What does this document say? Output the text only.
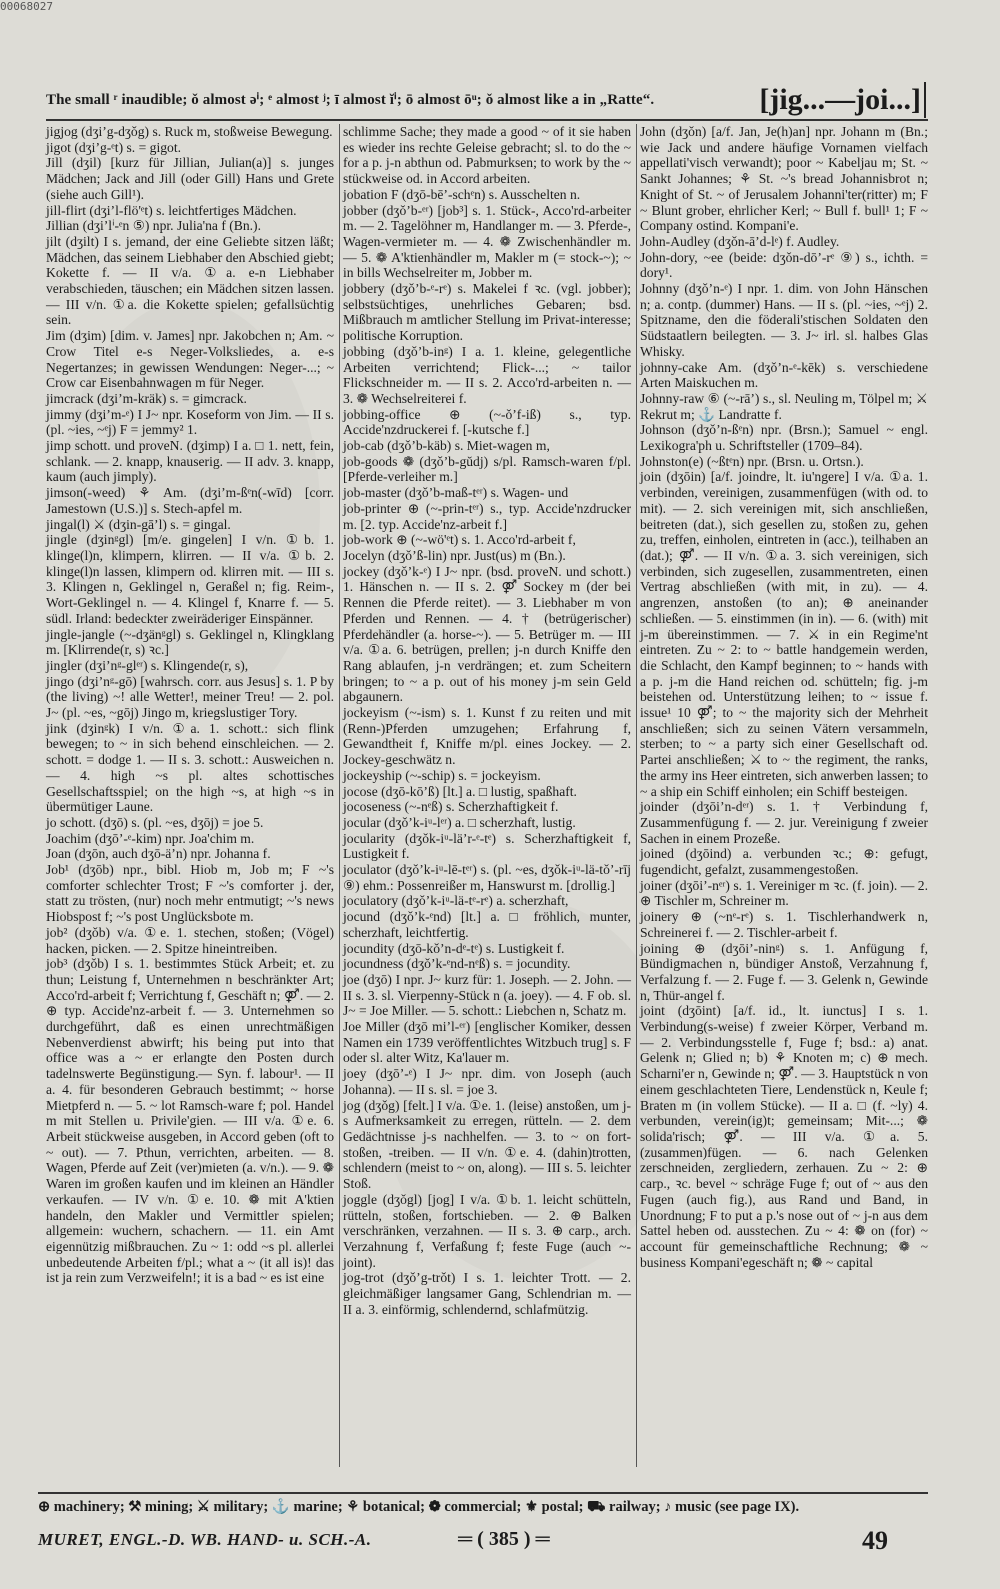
00068027
The small ʳ inaudible; ǒ almost ǝⁱ; ᵉ almost ʲ; ī almost ĭⁱ; ō almost ōᵘ; ǒ almost like a in „Ratte“.	[jig...—joi...]
jigjog (dʒiʼg-dʒǒg) s. Ruck m, stoßweise Bewegung.
jigot (dʒiʼg-ᵉt) s. = gigot.
Jill (dʒil) [kurz für Jillian, Julian(a)] s. junges Mädchen; Jack and Jill (oder Gill) Hans und Grete (siehe auch Gill¹).
jill-flirt (dʒiʼl-flö'ᵉt) s. leichtfertiges Mädchen.
Jillian (dʒiʼlⁱ-ᵉn ⑤) npr. Julia'na f (Bn.).
jilt (dʒilt) I s. jemand, der eine Geliebte sitzen läßt; Mädchen, das seinem Liebhaber den Abschied giebt; Kokette f. — II v/a. ①a. e-n Liebhaber verabschieden, täuschen; ein Mädchen sitzen lassen. — III v/n. ①a. die Kokette spielen; gefallsüchtig sein.
Jim (dʒim) [dim. v. James] npr. Jakobchen n; Am. ~ Crow Titel e-s Neger-Volksliedes, a. e-s Negertanzes; in gewissen Wendungen: Neger-...; ~ Crow car Eisenbahnwagen m für Neger.
jimcrack (dʒiʼm-kräk) s. = gimcrack.
jimmy (dʒiʼm-ᵉ) I J~ npr. Koseform von Jim. — II s. (pl. ~ies, ~ᵉj) F = jemmy² 1.
jimp schott. und proveN. (dʒimp) I a. □ 1. nett, fein, schlank. — 2. knapp, knauserig. — II adv. 3. knapp, kaum (auch jimply).
jimson(-weed) ⚘ Am. (dʒiʼm-ßᵉn(-wīd) [corr. Jamestown (U.S.)] s. Stech-apfel m.
jingal(l) ⚔ (dʒin-gāʼl) s. = gingal.
jingle (dʒinᵍgl) [m/e. gingelen] I v/n. ①b. 1. klinge(l)n, klimpern, klirren. — II v/a. ①b. 2. klinge(l)n lassen, klimpern od. klirren mit. — III s. 3. Klingen n, Geklingel n, Geraßel n; fig. Reim-, Wort-Geklingel n. — 4. Klingel f, Knarre f. — 5. südl. Irland: bedeckter zweiräderiger Einspänner.
jingle-jangle (~-dʒänᵍgl) s. Geklingel n, Klingklang m. [Klirrende(r, s) ꝛc.]
jingler (dʒiʼnᵍ-glᵉʳ) s. Klingende(r, s),
jingo (dʒiʼnᵍ-gō) [wahrsch. corr. aus Jesus] s. 1. P by (the living) ~! alle Wetter!, meiner Treu! — 2. pol. J~ (pl. ~es, ~gōj) Jingo m, kriegslustiger Tory.
jink (dʒinᵍk) I v/n. ①a. 1. schott.: sich flink bewegen; to ~ in sich behend einschleichen. — 2. schott. = dodge 1. — II s. 3. schott.: Ausweichen n. — 4. high ~s pl. altes schottisches Gesellschaftsspiel; on the high ~s, at high ~s in übermütiger Laune.
jo schott. (dʒō) s. (pl. ~es, dʒōj) = joe 5.
Joachim (dʒōʼ-ᵉ-kim) npr. Joa'chim m.
Joan (dʒōn, auch dʒō-äʼn) npr. Johanna f.
Job¹ (dʒōb) npr., bibl. Hiob m, Job m; F ~'s comforter schlechter Trost; F ~'s comforter j. der, statt zu trösten, (nur) noch mehr entmutigt; ~'s news Hiobspost f; ~'s post Unglücksbote m.
job² (dʒǒb) v/a. ①e. 1. stechen, stoßen; (Vögel) hacken, picken. — 2. Spitze hineintreiben.
job³ (dʒǒb) I s. 1. bestimmtes Stück Arbeit; et. zu thun; Leistung f, Unternehmen n beschränkter Art; Acco'rd-arbeit f; Verrichtung f, Geschäft n; ⚤. — 2. ⊕ typ. Accide'nz-arbeit f. — 3. Unternehmen so durchgeführt, daß es einen unrechtmäßigen Nebenverdienst abwirft; his being put into that office was a ~ er erlangte den Posten durch tadelnswerte Begünstigung.— Syn. f. labour¹. — II a. 4. für besonderen Gebrauch bestimmt; ~ horse Mietpferd n. — 5. ~ lot Ramsch-ware f; pol. Handel m mit Stellen u. Privile'gien. — III v/a. ①e. 6. Arbeit stückweise ausgeben, in Accord geben (oft to ~ out). — 7. Pthun, verrichten, arbeiten. — 8. Wagen, Pferde auf Zeit (ver)mieten (a. v/n.). — 9. ❁ Waren im großen kaufen und im kleinen an Händler verkaufen. — IV v/n. ①e. 10. ❁ mit A'ktien handeln, den Makler und Vermittler spielen; allgemein: wuchern, schachern. — 11. ein Amt eigennützig mißbrauchen. Zu ~ 1: odd ~s pl. allerlei unbedeutende Arbeiten f/pl.; what a ~ (it all is)! das ist ja rein zum Verzweifeln!; it is a bad ~ es ist eine
schlimme Sache; they made a good ~ of it sie haben es wieder ins rechte Geleise gebracht; sl. to do the ~ for a p. j-n abthun od. Pabmurksen; to work by the ~ stückweise od. in Accord arbeiten.
jobation F (dʒō-bēʼ-schᵉn) s. Ausschelten n.
jobber (dʒǒʼb-ᵉʳ) [job³] s. 1. Stück-, Acco'rd-arbeiter m. — 2. Tagelöhner m, Handlanger m. — 3. Pferde-, Wagen-vermieter m. — 4. ❁ Zwischenhändler m. — 5. ❁ A'ktienhändler m, Makler m (= stock-~); ~ in bills Wechselreiter m, Jobber m.
jobbery (dʒǒʼb-ᵉ-rᵉ) s. Makelei f ꝛc. (vgl. jobber); selbstsüchtiges, unehrliches Gebaren; bsd. Mißbrauch m amtlicher Stellung im Privat-interesse; politische Korruption.
jobbing (dʒǒʼb-inᵍ) I a. 1. kleine, gelegentliche Arbeiten verrichtend; Flick-...; ~ tailor Flickschneider m. — II s. 2. Acco'rd-arbeiten n. — 3. ❁ Wechselreiterei f.
jobbing-office ⊕ (~-ǒʼf-iß) s., typ. Accide'nzdruckerei f. [-kutsche f.]
job-cab (dʒǒʼb-käb) s. Miet-wagen m,
job-goods ❁ (dʒǒʼb-gŭdj) s/pl. Ramsch-waren f/pl. [Pferde-verleiher m.]
job-master (dʒǒʼb-maß-tᵉʳ) s. Wagen- und
job-printer ⊕ (~-prin-tᵉʳ) s., typ. Accide'nzdrucker m. [2. typ. Accide'nz-arbeit f.]
job-work ⊕ (~-wö'ᵉt) s. 1. Acco'rd-arbeit f,
Jocelyn (dʒǒʼß-lin) npr. Just(us) m (Bn.).
jockey (dʒǒʼk-ᵉ) I J~ npr. (bsd. proveN. und schott.) 1. Hänschen n. — II s. 2. ⚤ Sockey m (der bei Rennen die Pferde reitet). — 3. Liebhaber m von Pferden und Rennen. — 4. † (betrügerischer) Pferdehändler (a. horse-~). — 5. Betrüger m. — III v/a. ①a. 6. betrügen, prellen; j-n durch Kniffe den Rang ablaufen, j-n verdrängen; et. zum Scheitern bringen; to ~ a p. out of his money j-m sein Geld abgaunern.
jockeyism (~-ism) s. 1. Kunst f zu reiten und mit (Renn-)Pferden umzugehen; Erfahrung f, Gewandtheit f, Kniffe m/pl. eines Jockey. — 2. Jockey-geschwätz n.
jockeyship (~-schip) s. = jockeyism.
jocose (dʒō-kōʼß) [lt.] a. □ lustig, spaßhaft.
jocoseness (~-nᵉß) s. Scherzhaftigkeit f.
jocular (dʒǒʼk-iᵘ-lᵉʳ) a. □ scherzhaft, lustig.
jocularity (dʒǒk-iᵘ-läʼr-ᵉ-tᵉ) s. Scherzhaftigkeit f, Lustigkeit f.
joculator (dʒǒʼk-iᵘ-lē-tᵉʳ) s. (pl. ~es, dʒǒk-iᵘ-lä-tǒʼ-rīj ⑨) ehm.: Possenreißer m, Hanswurst m. [drollig.]
joculatory (dʒǒʼk-iᵘ-lä-tᵉ-rᵉ) a. scherzhaft,
jocund (dʒǒʼk-ᵉnd) [lt.] a. □ fröhlich, munter, scherzhaft, leichtfertig.
jocundity (dʒō-kǒʼn-dᵉ-tᵉ) s. Lustigkeit f.
jocundness (dʒǒʼk-ᵉnd-nᵉß) s. = jocundity.
joe (dʒō) I npr. J~ kurz für: 1. Joseph. — 2. John. — II s. 3. sl. Vierpenny-Stück n (a. joey). — 4. F ob. sl. J~ = Joe Miller. — 5. schott.: Liebchen n, Schatz m.
Joe Miller (dʒō miʼl-ᵉʳ) [englischer Komiker, dessen Namen ein 1739 veröffentlichtes Witzbuch trug] s. F oder sl. alter Witz, Ka'lauer m.
joey (dʒōʼ-ᵉ) I J~ npr. dim. von Joseph (auch Johanna). — II s. sl. = joe 3.
jog (dʒǒg) [felt.] I v/a. ①e. 1. (leise) anstoßen, um j-s Aufmerksamkeit zu erregen, rütteln. — 2. dem Gedächtnisse j-s nachhelfen. — 3. to ~ on fort-stoßen, -treiben. — II v/n. ①e. 4. (dahin)trotten, schlendern (meist to ~ on, along). — III s. 5. leichter Stoß.
joggle (dʒǒgl) [jog] I v/a. ①b. 1. leicht schütteln, rütteln, stoßen, fortschieben. — 2. ⊕ Balken verschränken, verzahnen. — II s. 3. ⊕ carp., arch. Verzahnung f, Verfaßung f; feste Fuge (auch ~-joint).
jog-trot (dʒǒʼg-trǒt) I s. 1. leichter Trott. — 2. gleichmäßiger langsamer Gang, Schlendrian m. — II a. 3. einförmig, schlendernd, schlafmützig.
John (dʒǒn) [a/f. Jan, Je(h)an] npr. Johann m (Bn.; wie Jack und andere häufige Vornamen vielfach appellati'visch verwandt); poor ~ Kabeljau m; St. ~ Sankt Johannes; ⚘ St. ~'s bread Johannisbrot n; Knight of St. ~ of Jerusalem Johanni'ter(ritter) m; F ~ Blunt grober, ehrlicher Kerl; ~ Bull f. bull¹ 1; F ~ Company ostind. Kompani'e.
John-Audley (dʒǒn-āʼd-lᵉ) f. Audley.
John-dory, ~ee (beide: dʒǒn-dōʼ-rᵉ ⑨) s., ichth. = dory¹.
Johnny (dʒǒʼn-ᵉ) I npr. 1. dim. von John Hänschen n; a. contp. (dummer) Hans. — II s. (pl. ~ies, ~ᵉj) 2. Spitzname, den die föderali'stischen Soldaten den Südstaatlern beilegten. — 3. J~ irl. sl. halbes Glas Whisky.
johnny-cake Am. (dʒǒʼn-ᵉ-kēk) s. verschiedene Arten Maiskuchen m.
Johnny-raw ⑥ (~-rāʼ) s., sl. Neuling m, Tölpel m; ⚔ Rekrut m; ⚓ Landratte f.
Johnson (dʒǒʼn-ßᵉn) npr. (Brsn.); Samuel ~ engl. Lexikogra'ph u. Schriftsteller (1709–84).
Johnston(e) (~ßtᵉn) npr. (Brsn. u. Ortsn.).
join (dʒōin) [a/f. joindre, lt. iu'ngere] I v/a. ①a. 1. verbinden, vereinigen, zusammenfügen (with od. to mit). — 2. sich vereinigen mit, sich anschließen, beitreten (dat.), sich gesellen zu, stoßen zu, gehen zu, treffen, einholen, eintreten in (acc.), teilhaben an (dat.); ⚤. — II v/n. ①a. 3. sich vereinigen, sich verbinden, sich zugesellen, zusammentreten, einen Vertrag abschließen (with mit, in zu). — 4. angrenzen, anstoßen (to an); ⊕ aneinander schließen. — 5. einstimmen (in in). — 6. (with) mit j-m übereinstimmen. — 7. ⚔ in ein Regime'nt eintreten. Zu ~ 2: to ~ battle handgemein werden, die Schlacht, den Kampf beginnen; to ~ hands with a p. j-m die Hand reichen od. schütteln; fig. j-m beistehen od. Unterstützung leihen; to ~ issue f. issue¹ 10 ⚤; to ~ the majority sich der Mehrheit anschließen; sich zu seinen Vätern versammeln, sterben; to ~ a party sich einer Gesellschaft od. Partei anschließen; ⚔ to ~ the regiment, the ranks, the army ins Heer eintreten, sich anwerben lassen; to ~ a ship ein Schiff einholen; ein Schiff besteigen.
joinder (dʒōiʼn-dᵉʳ) s. 1. † Verbindung f, Zusammenfügung f. — 2. jur. Vereinigung f zweier Sachen in einem Prozeße.
joined (dʒōind) a. verbunden ꝛc.; ⊕: gefugt, fugendicht, gefalzt, zusammengestoßen.
joiner (dʒōiʼ-nᵉʳ) s. 1. Vereiniger m ꝛc. (f. join). — 2. ⊕ Tischler m, Schreiner m.
joinery ⊕ (~nᵉ-rᵉ) s. 1. Tischlerhandwerk n, Schreinerei f. — 2. Tischler-arbeit f.
joining ⊕ (dʒōiʼ-ninᵍ) s. 1. Anfügung f, Bündigmachen n, bündiger Anstoß, Verzahnung f, Verfalzung f. — 2. Fuge f. — 3. Gelenk n, Gewinde n, Thür-angel f.
joint (dʒōint) [a/f. id., lt. iunctus] I s. 1. Verbindung(s-weise) f zweier Körper, Verband m. — 2. Verbindungsstelle f, Fuge f; bsd.: a) anat. Gelenk n; Glied n; b) ⚘ Knoten m; c) ⊕ mech. Scharni'er n, Gewinde n; ⚤. — 3. Hauptstück n von einem geschlachteten Tiere, Lendenstück n, Keule f; Braten m (in vollem Stücke). — II a. □ (f. ~ly) 4. verbunden, verein(ig)t; gemeinsam; Mit-...; ❁ solida'risch; ⚤. — III v/a. ①a. 5. (zusammen)fügen. — 6. nach Gelenken zerschneiden, zergliedern, zerhauen. Zu ~ 2: ⊕ carp., ꝛc. bevel ~ schräge Fuge f; out of ~ aus den Fugen (auch fig.), aus Rand und Band, in Unordnung; F to put a p.'s nose out of ~ j-n aus dem Sattel heben od. ausstechen. Zu ~ 4: ❁ on (for) ~ account für gemeinschaftliche Rechnung; ❁ ~ business Kompani'egeschäft n; ❁ ~ capital
⊕ machinery; ⚒ mining; ⚔ military; ⚓ marine; ⚘ botanical; ❁ commercial; ⚜ postal; ⛟ railway; ♪ music (see page IX).
MURET, ENGL.-D. WB. HAND- u. SCH.-A.	═ ( 385 ) ═	49
